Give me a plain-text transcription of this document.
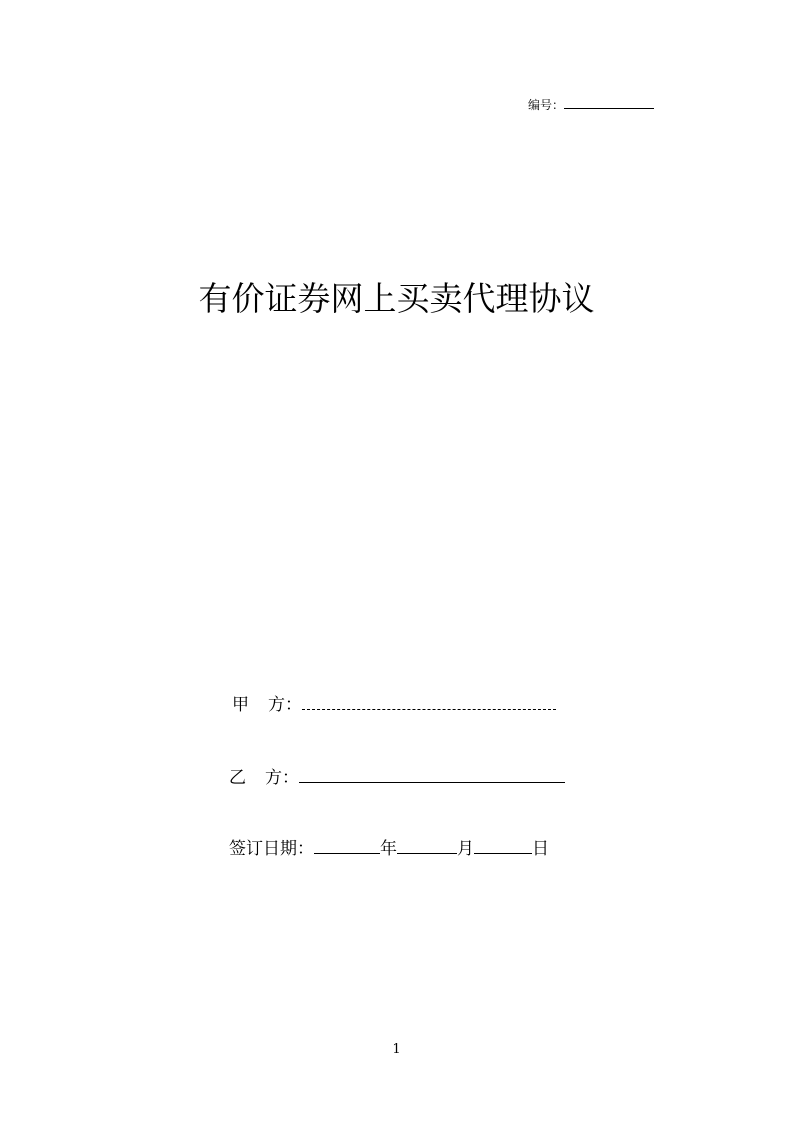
编号：
有价证券网上买卖代理协议
甲 方：
乙 方：
签订日期：	年	月	日
1
